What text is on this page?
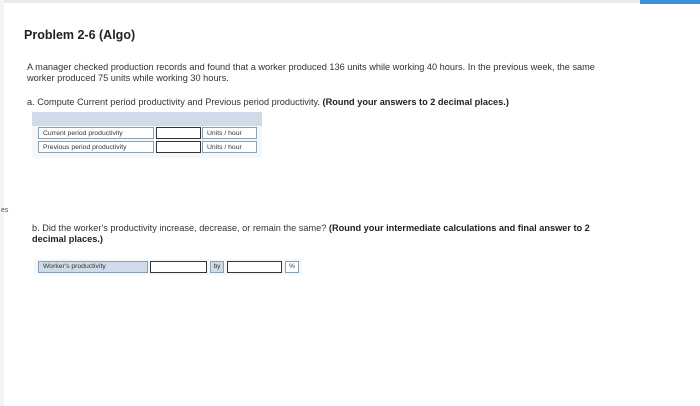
es
Problem 2-6 (Algo)
A manager checked production records and found that a worker produced 136 units while working 40 hours. In the previous week, the same worker produced 75 units while working 30 hours.
a. Compute Current period productivity and Previous period productivity. (Round your answers to 2 decimal places.)
Current period productivity	Units / hour
Previous period productivity	Units / hour
b. Did the worker's productivity increase, decrease, or remain the same? (Round your intermediate calculations and final answer to 2 decimal places.)
Worker's productivity	by	%
